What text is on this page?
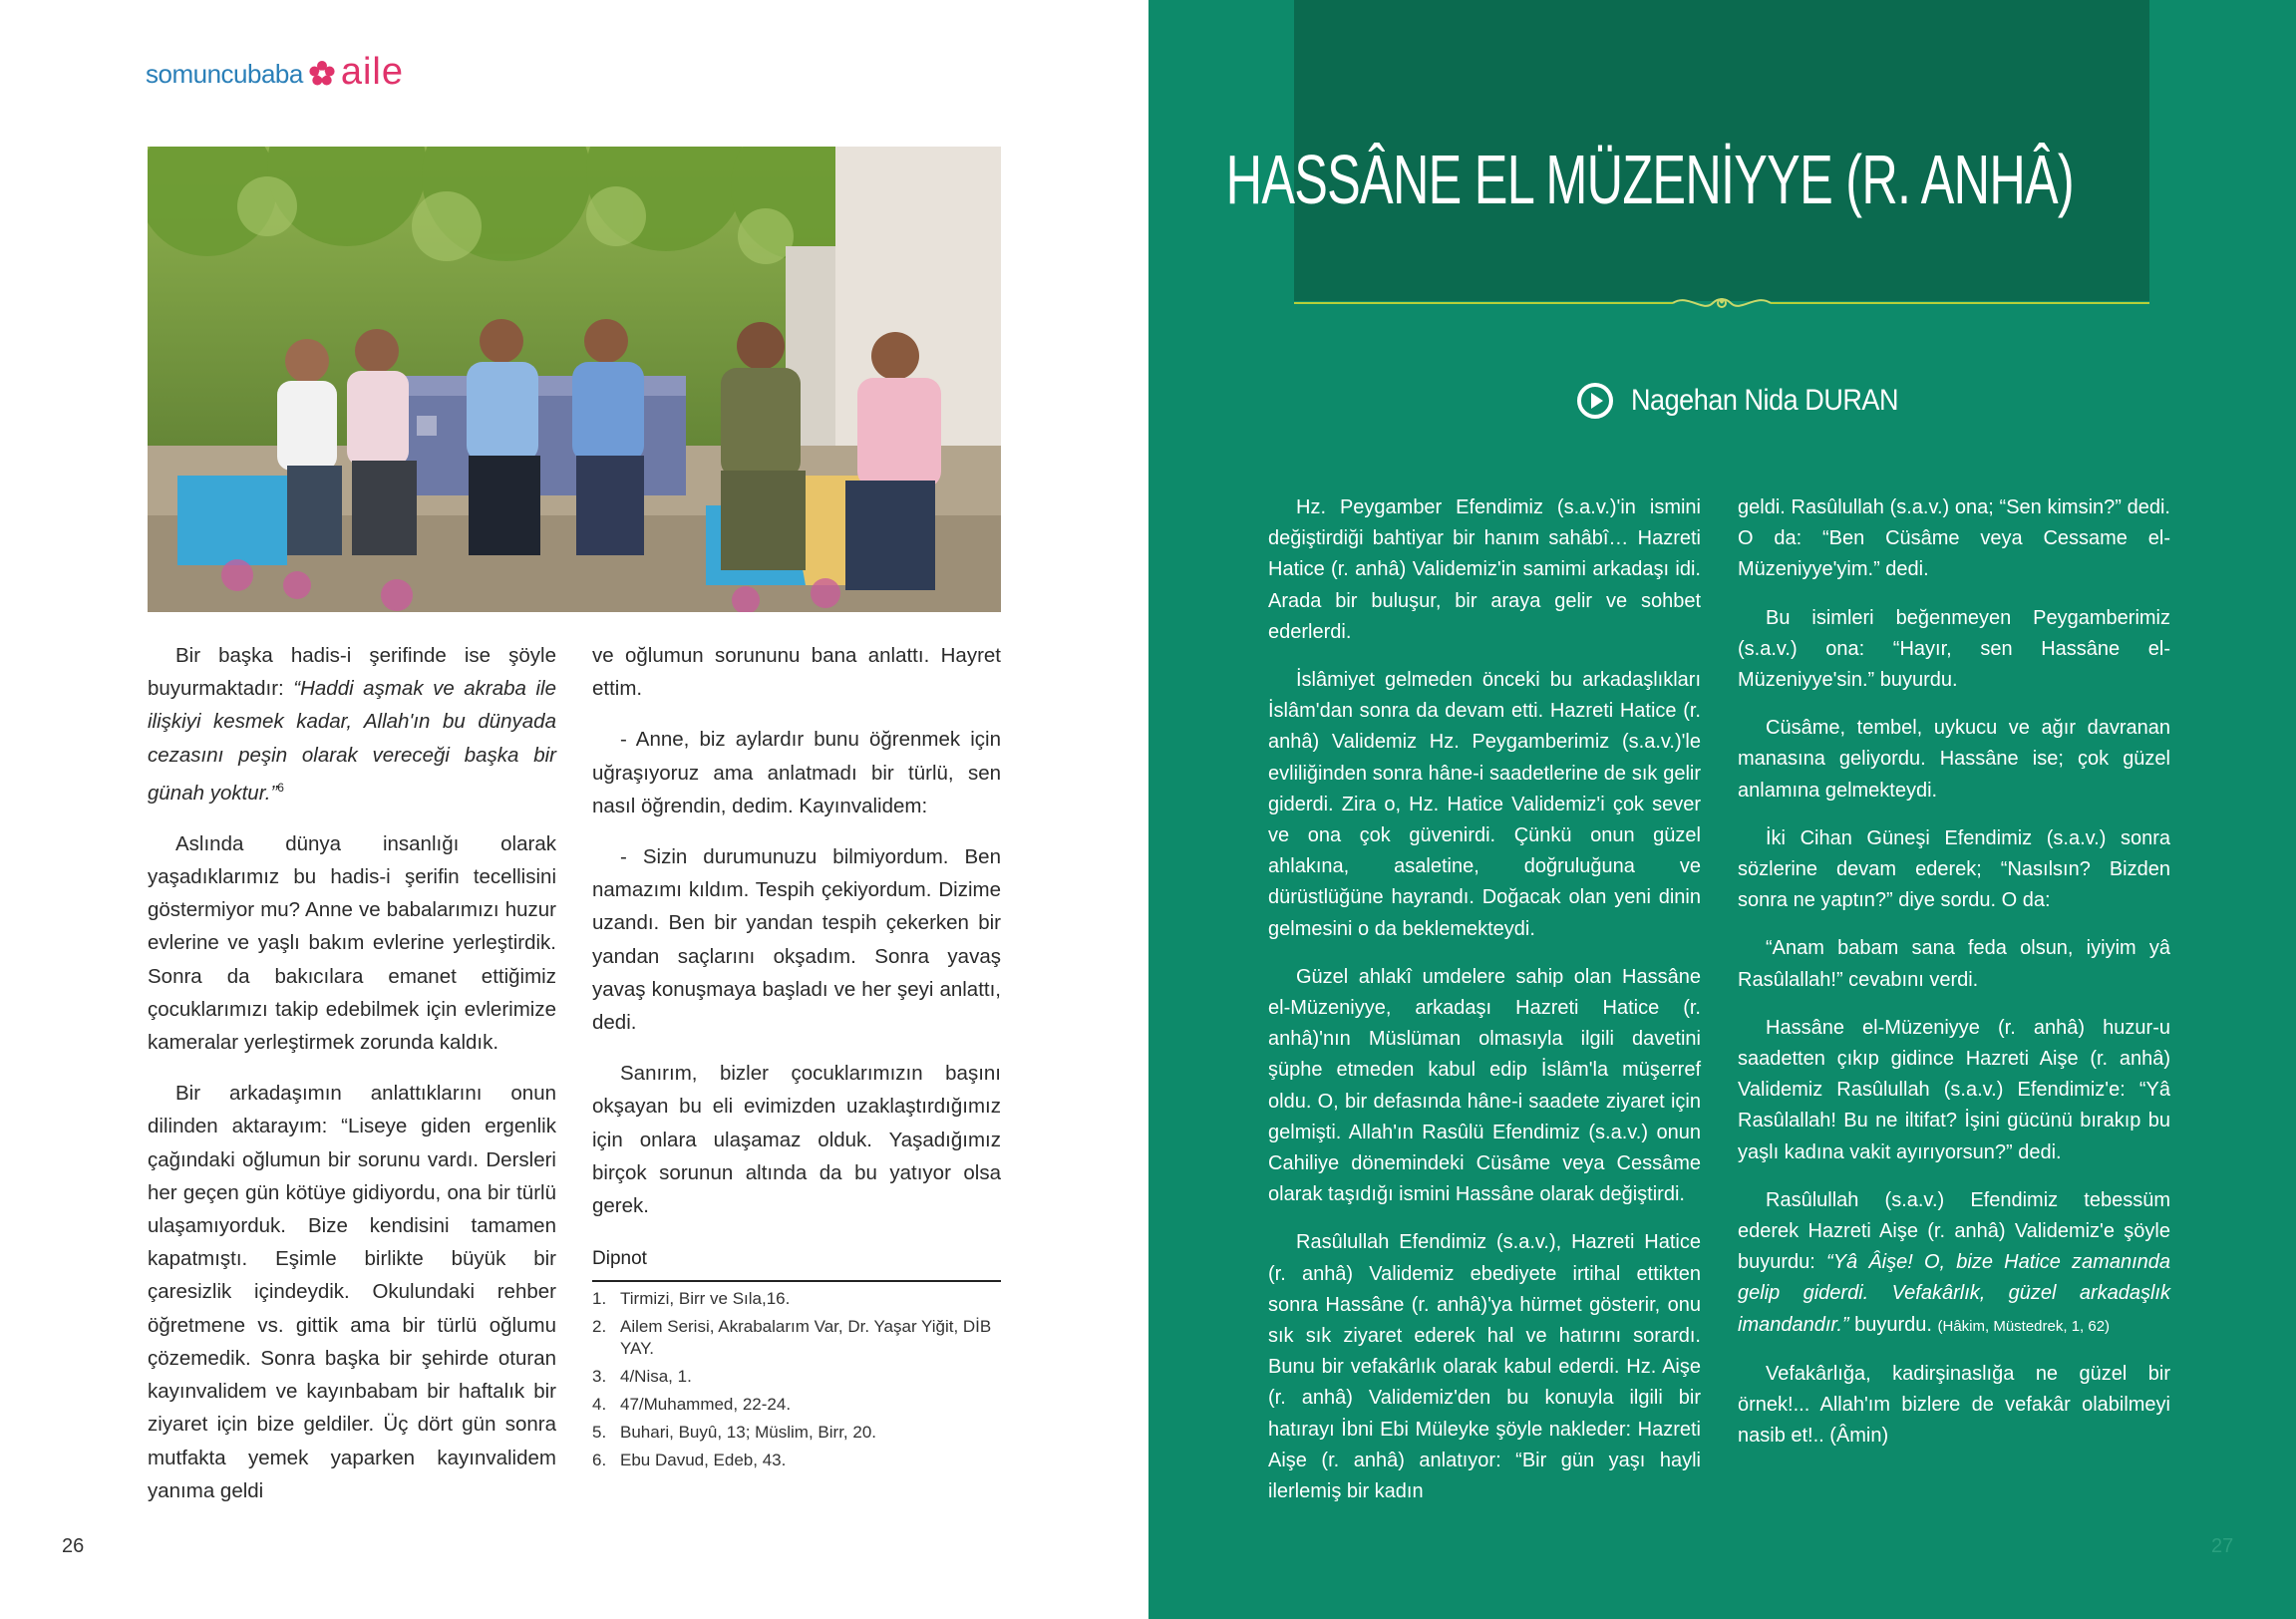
somuncubaba aile

Bir başka hadis-i şerifinde ise şöyle buyurmaktadır: “Haddi aşmak ve akraba ile ilişkiyi kesmek kadar, Allah'ın bu dünyada cezasını peşin olarak vereceği başka bir günah yoktur.”$^6$

Aslında dünya insanlığı olarak yaşadıklarımız bu hadis-i şerifin tecellisini göstermiyor mu? Anne ve babalarımızı huzur evlerine ve yaşlı bakım evlerine yerleştirdik. Sonra da bakıcılara emanet ettiğimiz çocuklarımızı takip edebilmek için evlerimize kameralar yerleştirmek zorunda kaldık.

Bir arkadaşımın anlattıklarını onun dilinden aktarayım: “Liseye giden ergenlik çağındaki oğlumun bir sorunu vardı. Dersleri her geçen gün kötüye gidiyordu, ona bir türlü ulaşamıyorduk. Bize kendisini tamamen kapatmıştı. Eşimle birlikte büyük bir çaresizlik içindeydik. Okulundaki rehber öğretmene vs. gittik ama bir türlü oğlumu çözemedik. Sonra başka bir şehirde oturan kayınvalidem ve kayınbabam bir haftalık bir ziyaret için bize geldiler. Üç dört gün sonra mutfakta yemek yaparken kayınvalidem yanıma geldi

ve oğlumun sorununu bana anlattı. Hayret ettim.

- Anne, biz aylardır bunu öğrenmek için uğraşıyoruz ama anlatmadı bir türlü, sen nasıl öğrendin, dedim. Kayınvalidem:

- Sizin durumunuzu bilmiyordum. Ben namazımı kıldım. Tespih çekiyordum. Dizime uzandı. Ben bir yandan tespih çekerken bir yandan saçlarını okşadım. Sonra yavaş yavaş konuşmaya başladı ve her şeyi anlattı, dedi.

Sanırım, bizler çocuklarımızın başını okşayan bu eli evimizden uzaklaştırdığımız için onlara ulaşamaz olduk. Yaşadığımız birçok sorunun altında da bu yatıyor olsa gerek.

Dipnot
1. Tirmizi, Birr ve Sıla,16.
2. Ailem Serisi, Akrabalarım Var, Dr. Yaşar Yiğit, DİB YAY.
3. 4/Nisa, 1.
4. 47/Muhammed, 22-24.
5. Buhari, Buyû, 13; Müslim, Birr, 20.
6. Ebu Davud, Edeb, 43.
26
HASSÂNE EL MÜZENİYYE (R. ANHÂ)
Nagehan Nida DURAN

Hz. Peygamber Efendimiz (s.a.v.)'in ismini değiştirdiği bahtiyar bir hanım sahâbî… Hazreti Hatice (r. anhâ) Validemiz'in samimi arkadaşı idi. Arada bir buluşur, bir araya gelir ve sohbet ederlerdi.

İslâmiyet gelmeden önceki bu arkadaşlıkları İslâm'dan sonra da devam etti. Hazreti Hatice (r. anhâ) Validemiz Hz. Peygamberimiz (s.a.v.)'le evliliğinden sonra hâne-i saadetlerine de sık gelir giderdi. Zira o, Hz. Hatice Validemiz'i çok sever ve ona çok güvenirdi. Çünkü onun güzel ahlakına, asaletine, doğruluğuna ve dürüstlüğüne hayrandı. Doğacak olan yeni dinin gelmesini o da beklemekteydi.

Güzel ahlakî umdelere sahip olan Hassâne el-Müzeniyye, arkadaşı Hazreti Hatice (r. anhâ)'nın Müslüman olmasıyla ilgili davetini şüphe etmeden kabul edip İslâm'la müşerref oldu. O, bir defasında hâne-i saadete ziyaret için gelmişti. Allah'ın Rasûlü Efendimiz (s.a.v.) onun Cahiliye dönemindeki Cüsâme veya Cessâme olarak taşıdığı ismini Hassâne olarak değiştirdi.

Rasûlullah Efendimiz (s.a.v.), Hazreti Hatice (r. anhâ) Validemiz ebediyete irtihal ettikten sonra Hassâne (r. anhâ)'ya hürmet gösterir, onu sık sık ziyaret ederek hal ve hatırını sorardı. Bunu bir vefakârlık olarak kabul ederdi. Hz. Aişe (r. anhâ) Validemiz'den bu konuyla ilgili bir hatırayı İbni Ebi Müleyke şöyle nakleder: Hazreti Aişe (r. anhâ) anlatıyor: “Bir gün yaşı hayli ilerlemiş bir kadın

geldi. Rasûlullah (s.a.v.) ona; “Sen kimsin?” dedi. O da: “Ben Cüsâme veya Cessame el-Müzeniyye'yim.” dedi.

Bu isimleri beğenmeyen Peygamberimiz (s.a.v.) ona: “Hayır, sen Hassâne el-Müzeniyye'sin.” buyurdu.

Cüsâme, tembel, uykucu ve ağır davranan manasına geliyordu. Hassâne ise; çok güzel anlamına gelmekteydi.

İki Cihan Güneşi Efendimiz (s.a.v.) sonra sözlerine devam ederek; “Nasılsın? Bizden sonra ne yaptın?” diye sordu. O da:

“Anam babam sana feda olsun, iyiyim yâ Rasûlallah!” cevabını verdi.

Hassâne el-Müzeniyye (r. anhâ) huzur-u saadetten çıkıp gidince Hazreti Aişe (r. anhâ) Validemiz Rasûlullah (s.a.v.) Efendimiz'e: “Yâ Rasûlallah! Bu ne iltifat? İşini gücünü bırakıp bu yaşlı kadına vakit ayırıyorsun?” dedi.

Rasûlullah (s.a.v.) Efendimiz tebessüm ederek Hazreti Aişe (r. anhâ) Validemiz'e şöyle buyurdu: “Yâ Âişe! O, bize Hatice zamanında gelip giderdi. Vefakârlık, güzel arkadaşlık imandandır.” buyurdu. (Hâkim, Müstedrek, 1, 62)

Vefakârlığa, kadirşinaslığa ne güzel bir örnek!... Allah'ım bizlere de vefakâr olabilmeyi nasib et!.. (Âmin)

27
